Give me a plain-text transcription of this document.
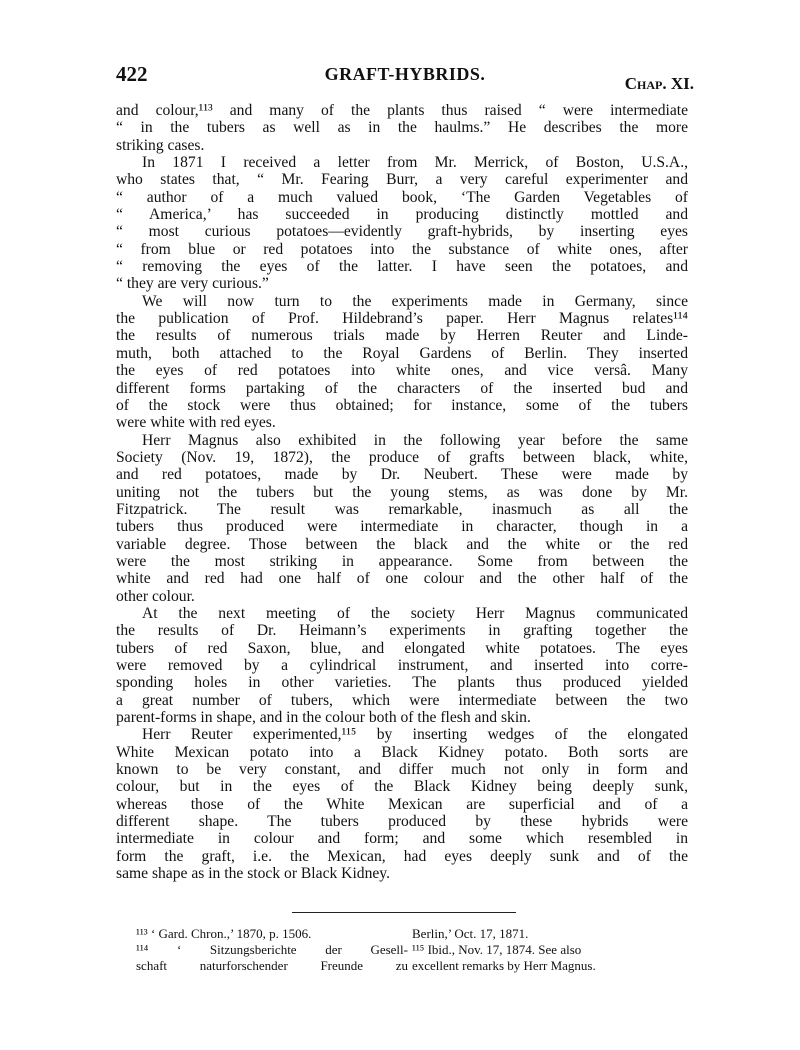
422	GRAFT-HYBRIDS.	Chap. XI.
and colour,¹¹³ and many of the plants thus raised “ were intermediate
“ in the tubers as well as in the haulms.” He describes the more
striking cases.
In 1871 I received a letter from Mr. Merrick, of Boston, U.S.A.,
who states that, “ Mr. Fearing Burr, a very careful experimenter and
“ author of a much valued book, ‘The Garden Vegetables of
“ America,’ has succeeded in producing distinctly mottled and
“ most curious potatoes—evidently graft-hybrids, by inserting eyes
“ from blue or red potatoes into the substance of white ones, after
“ removing the eyes of the latter. I have seen the potatoes, and
“ they are very curious.”
We will now turn to the experiments made in Germany, since
the publication of Prof. Hildebrand’s paper. Herr Magnus relates¹¹⁴
the results of numerous trials made by Herren Reuter and Linde-
muth, both attached to the Royal Gardens of Berlin. They inserted
the eyes of red potatoes into white ones, and vice versâ. Many
different forms partaking of the characters of the inserted bud and
of the stock were thus obtained; for instance, some of the tubers
were white with red eyes.
Herr Magnus also exhibited in the following year before the same
Society (Nov. 19, 1872), the produce of grafts between black, white,
and red potatoes, made by Dr. Neubert. These were made by
uniting not the tubers but the young stems, as was done by Mr.
Fitzpatrick. The result was remarkable, inasmuch as all the
tubers thus produced were intermediate in character, though in a
variable degree. Those between the black and the white or the red
were the most striking in appearance. Some from between the
white and red had one half of one colour and the other half of the
other colour.
At the next meeting of the society Herr Magnus communicated
the results of Dr. Heimann’s experiments in grafting together the
tubers of red Saxon, blue, and elongated white potatoes. The eyes
were removed by a cylindrical instrument, and inserted into corre-
sponding holes in other varieties. The plants thus produced yielded
a great number of tubers, which were intermediate between the two
parent-forms in shape, and in the colour both of the flesh and skin.
Herr Reuter experimented,¹¹⁵ by inserting wedges of the elongated
White Mexican potato into a Black Kidney potato. Both sorts are
known to be very constant, and differ much not only in form and
colour, but in the eyes of the Black Kidney being deeply sunk,
whereas those of the White Mexican are superficial and of a
different shape. The tubers produced by these hybrids were
intermediate in colour and form; and some which resembled in
form the graft, i.e. the Mexican, had eyes deeply sunk and of the
same shape as in the stock or Black Kidney.
¹¹³ ‘ Gard. Chron.,’ 1870, p. 1506.
¹¹⁴ ‘ Sitzungsberichte der Gesell-
schaft naturforschender Freunde zu
Berlin,’ Oct. 17, 1871.
¹¹⁵ Ibid., Nov. 17, 1874. See also
excellent remarks by Herr Magnus.
